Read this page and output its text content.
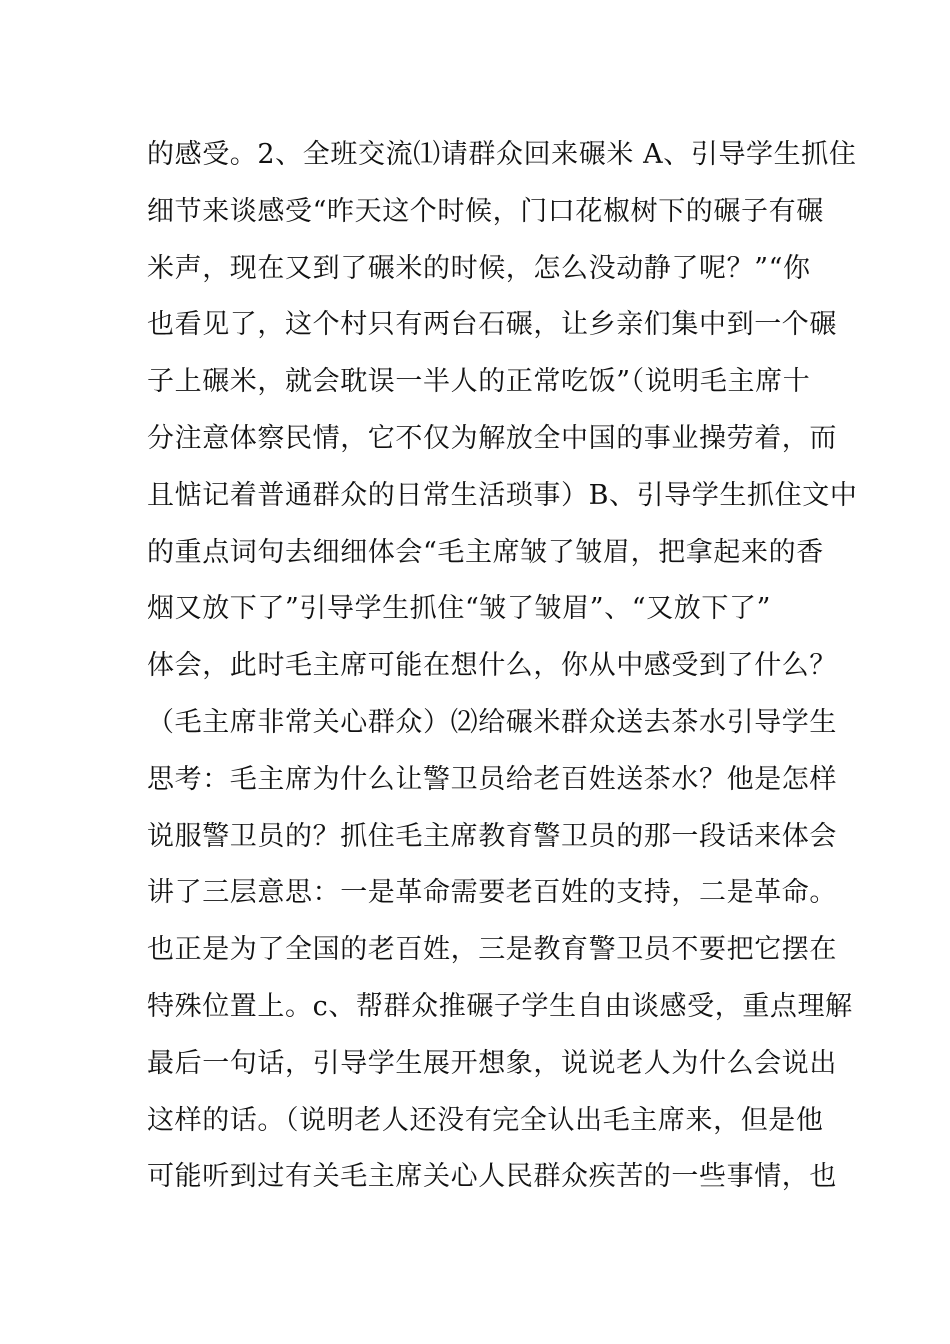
的感受。2、全班交流⑴请群众回来碾米 A、引导学生抓住
细节来谈感受“昨天这个时候，门口花椒树下的碾子有碾
米声，现在又到了碾米的时候，怎么没动静了呢？”“你
也看见了，这个村只有两台石碾，让乡亲们集中到一个碾
子上碾米，就会耽误一半人的正常吃饭”（说明毛主席十
分注意体察民情，它不仅为解放全中国的事业操劳着，而
且惦记着普通群众的日常生活琐事）B、引导学生抓住文中
的重点词句去细细体会“毛主席皱了皱眉，把拿起来的香
烟又放下了”引导学生抓住“皱了皱眉”、“又放下了”
体会，此时毛主席可能在想什么，你从中感受到了什么？
（毛主席非常关心群众）⑵给碾米群众送去茶水引导学生
思考：毛主席为什么让警卫员给老百姓送茶水？他是怎样
说服警卫员的？抓住毛主席教育警卫员的那一段话来体会
讲了三层意思：一是革命需要老百姓的支持，二是革命。
也正是为了全国的老百姓，三是教育警卫员不要把它摆在
特殊位置上。c、帮群众推碾子学生自由谈感受，重点理解
最后一句话，引导学生展开想象，说说老人为什么会说出
这样的话。（说明老人还没有完全认出毛主席来，但是他
可能听到过有关毛主席关心人民群众疾苦的一些事情，也
